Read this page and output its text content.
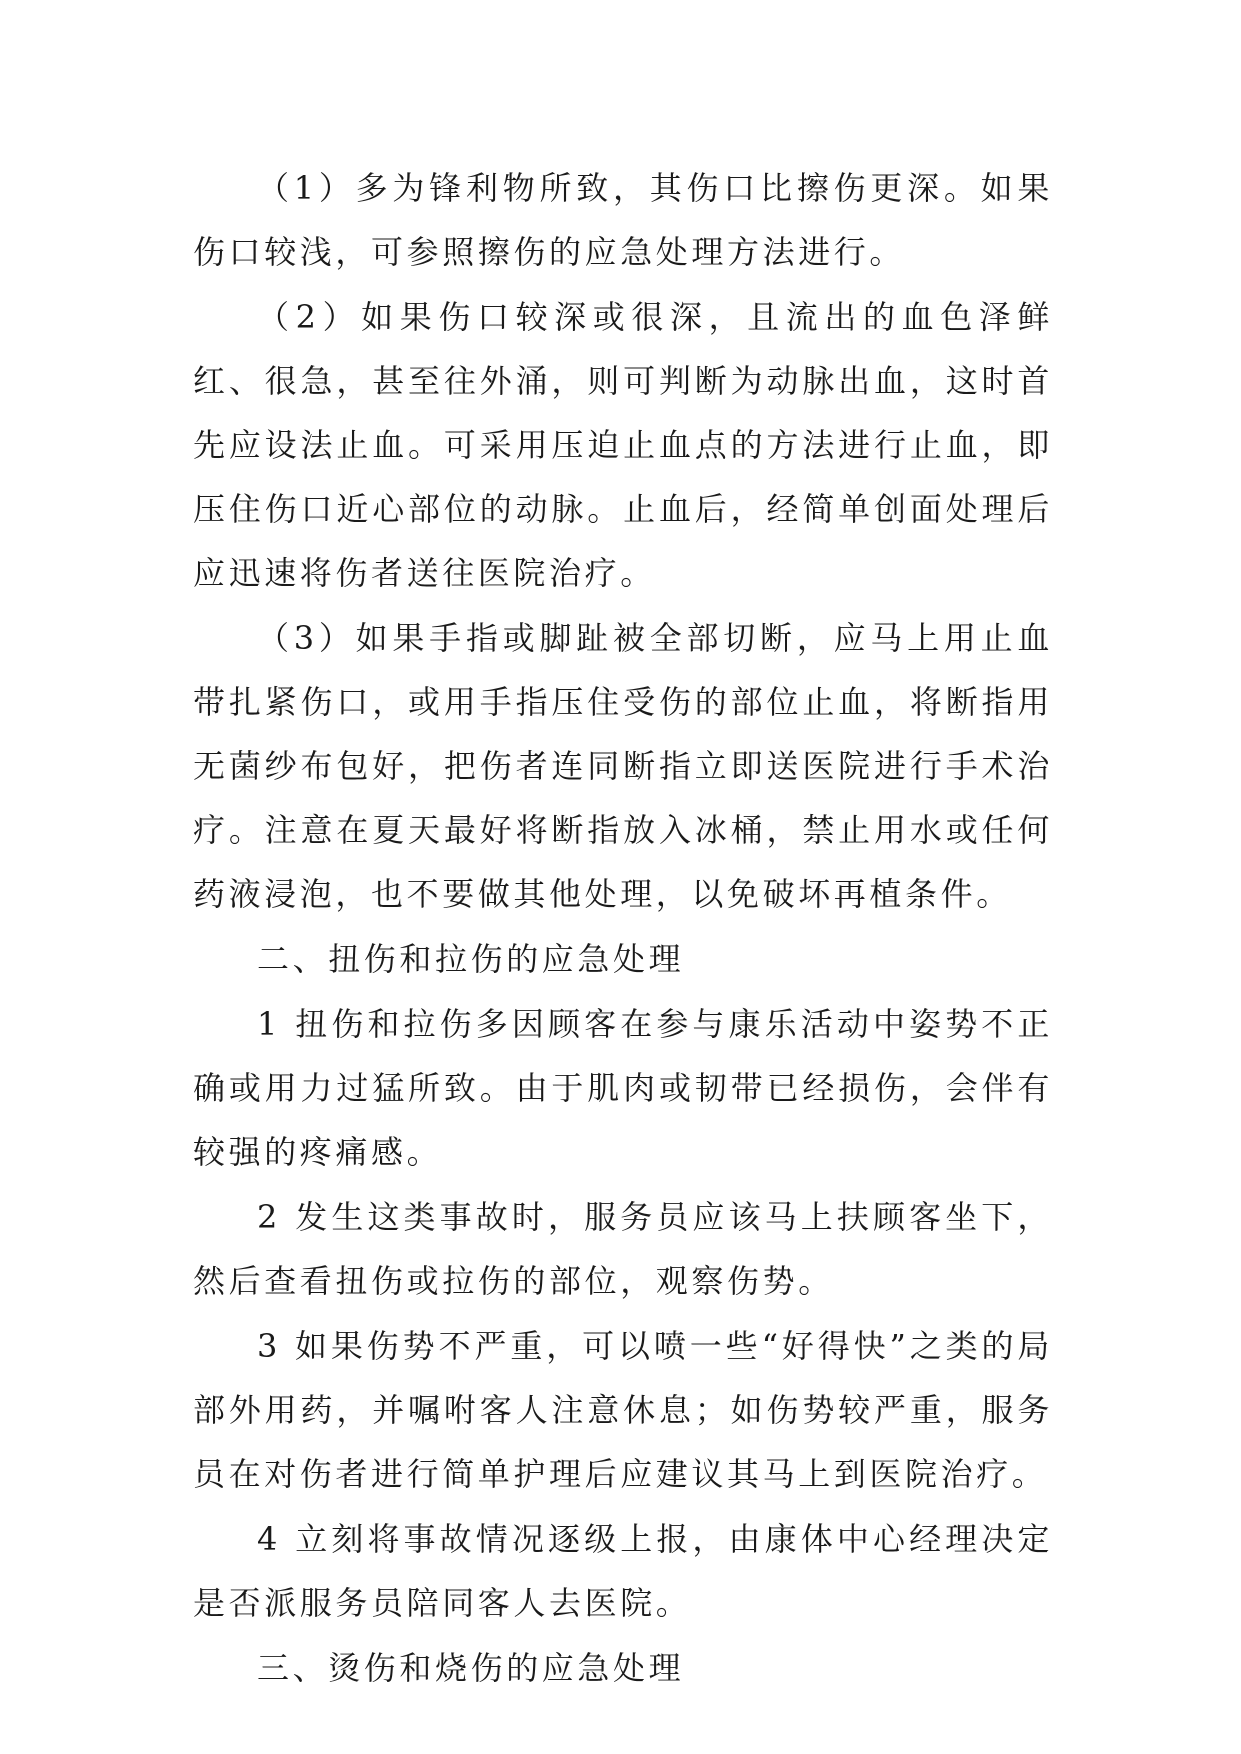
（1）多为锋利物所致，其伤口比擦伤更深。如果伤口较浅，可参照擦伤的应急处理方法进行。

（2）如果伤口较深或很深，且流出的血色泽鲜红、很急，甚至往外涌，则可判断为动脉出血，这时首先应设法止血。可采用压迫止血点的方法进行止血，即压住伤口近心部位的动脉。止血后，经简单创面处理后应迅速将伤者送往医院治疗。

（3）如果手指或脚趾被全部切断，应马上用止血带扎紧伤口，或用手指压住受伤的部位止血，将断指用无菌纱布包好，把伤者连同断指立即送医院进行手术治疗。注意在夏天最好将断指放入冰桶，禁止用水或任何药液浸泡，也不要做其他处理，以免破坏再植条件。

二、扭伤和拉伤的应急处理

1 扭伤和拉伤多因顾客在参与康乐活动中姿势不正确或用力过猛所致。由于肌肉或韧带已经损伤，会伴有较强的疼痛感。

2 发生这类事故时，服务员应该马上扶顾客坐下，然后查看扭伤或拉伤的部位，观察伤势。

3 如果伤势不严重，可以喷一些“好得快”之类的局部外用药，并嘱咐客人注意休息；如伤势较严重，服务员在对伤者进行简单护理后应建议其马上到医院治疗。

4 立刻将事故情况逐级上报，由康体中心经理决定是否派服务员陪同客人去医院。

三、烫伤和烧伤的应急处理
